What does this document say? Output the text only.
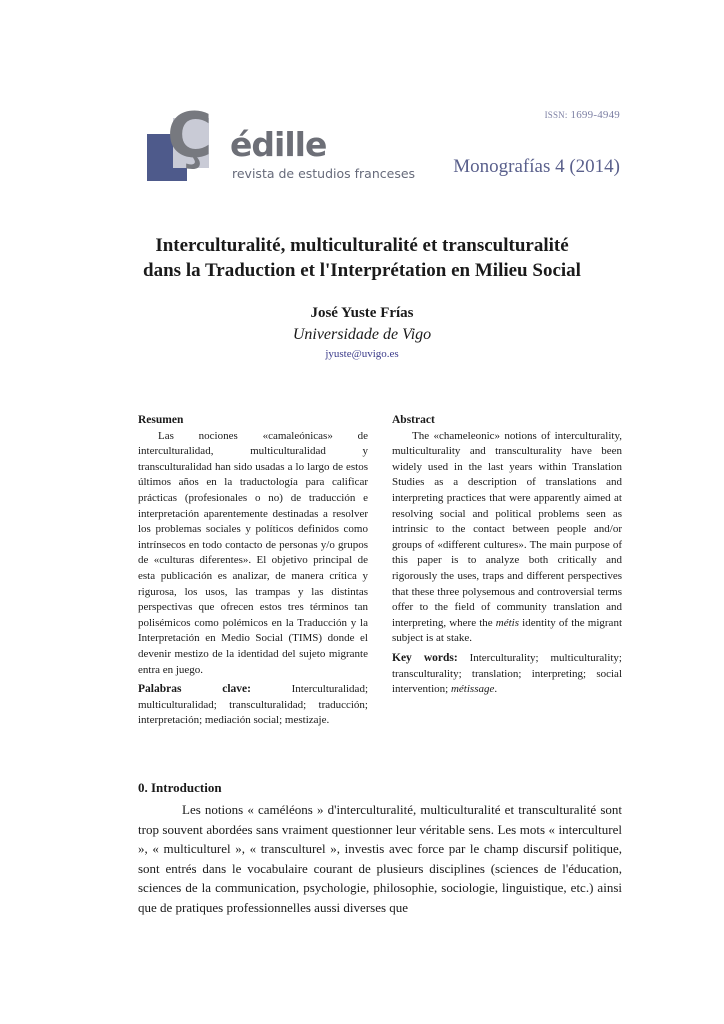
ISSN: 1699-4949
Ç édille
revista de estudios franceses Monografías 4 (2014)
Interculturalité, multiculturalité et transculturalité
dans la Traduction et l'Interprétation en Milieu Social
José Yuste Frías
Universidade de Vigo
jyuste@uvigo.es
Resumen

Las nociones «camaleónicas» de interculturalidad, multiculturalidad y transculturalidad han sido usadas a lo largo de estos últimos años en la traductología para calificar prácticas (profesionales o no) de traducción e interpretación aparentemente destinadas a resolver los problemas sociales y políticos definidos como intrínsecos en todo contacto de personas y/o grupos de «culturas diferentes». El objetivo principal de esta publicación es analizar, de manera crítica y rigurosa, los usos, las trampas y las distintas perspectivas que ofrecen estos tres términos tan polisémicos como polémicos en la Traducción y la Interpretación en Medio Social (TIMS) donde el devenir mestizo de la identidad del sujeto migrante entra en juego.

Palabras clave:	Interculturalidad; multiculturalidad; transculturalidad; traducción; interpretación; mediación social; mestizaje.

Abstract

The «chameleonic» notions of interculturality, multiculturality and transculturality have been widely used in the last years within Translation Studies as a description of translations and interpreting practices that were apparently aimed at resolving social and political problems seen as intrinsic to the contact between people and/or groups of «different cultures». The main purpose of this paper is to analyze both critically and rigorously the uses, traps and different perspectives that these three polysemous and controversial terms offer to the field of community translation and interpreting, where the métis identity of the migrant subject is at stake.

Key words: Interculturality; multiculturality; transculturality; translation; interpreting; social intervention; métissage.

0. Introduction

Les notions « caméléons » d'interculturalité, multiculturalité et transculturalité sont trop souvent abordées sans vraiment questionner leur véritable sens. Les mots « interculturel », « multiculturel », « transculturel », investis avec force par le champ discursif politique, sont entrés dans le vocabulaire courant de plusieurs disciplines (sciences de l'éducation, sciences de la communication, psychologie, philosophie, sociologie, linguistique, etc.) ainsi que de pratiques professionnelles aussi diverses que
